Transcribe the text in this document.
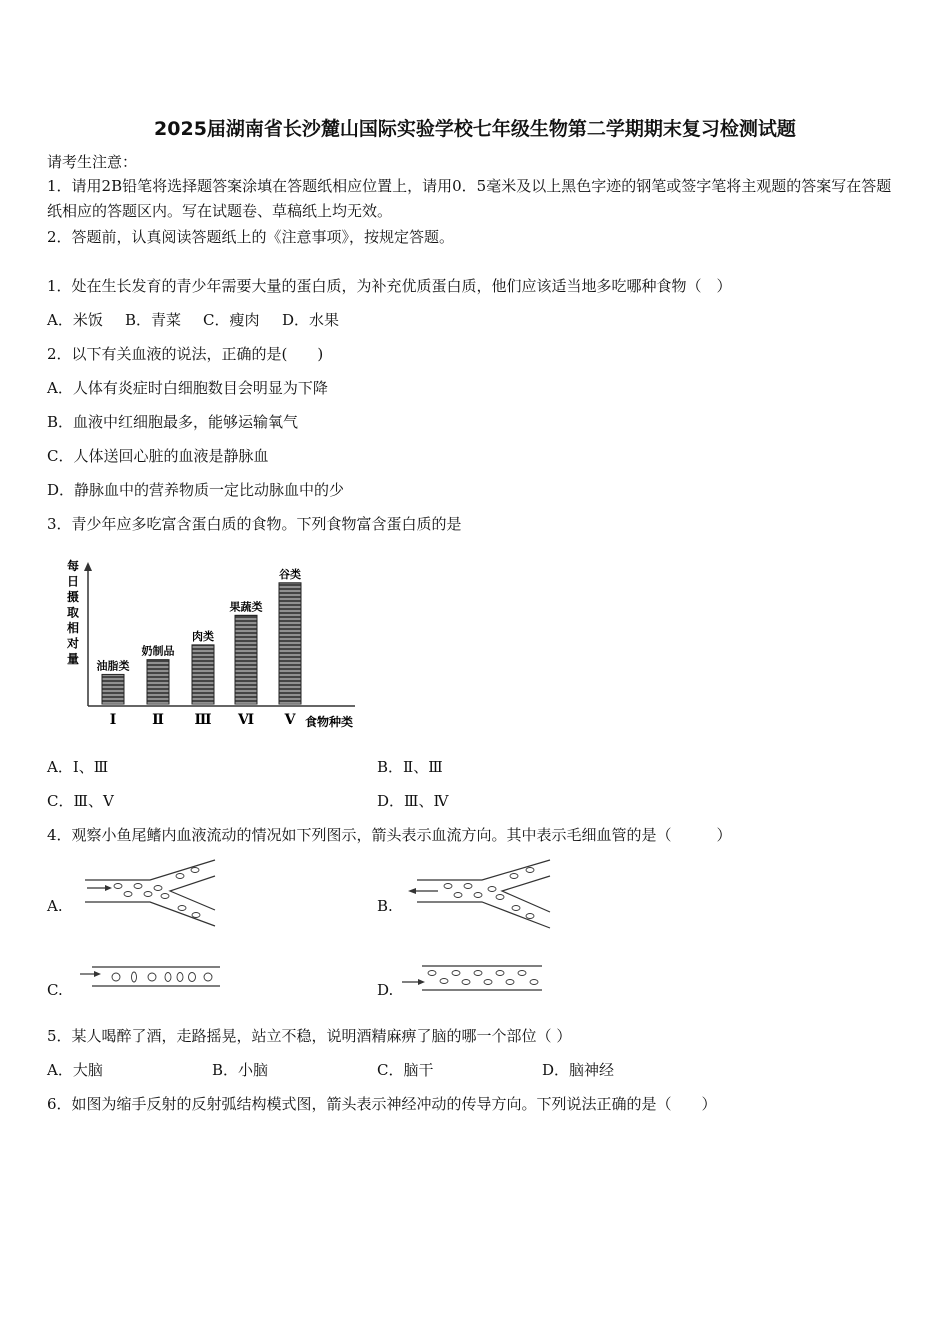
2025届湖南省长沙麓山国际实验学校七年级生物第二学期期末复习检测试题
请考生注意：
1．请用2B铅笔将选择题答案涂填在答题纸相应位置上，请用0．5毫米及以上黑色字迹的钢笔或签字笔将主观题的答案写在答题纸相应的答题区内。写在试题卷、草稿纸上均无效。
2．答题前，认真阅读答题纸上的《注意事项》，按规定答题。
1．处在生长发育的青少年需要大量的蛋白质，为补充优质蛋白质，他们应该适当地多吃哪种食物（　）
A．米饭 B．青菜 C．瘦肉 D．水果
2．以下有关血液的说法，正确的是(　　)
A．人体有炎症时白细胞数目会明显为下降
B．血液中红细胞最多，能够运输氧气
C．人体送回心脏的血液是静脉血
D．静脉血中的营养物质一定比动脉血中的少
3．青少年应多吃富含蛋白质的食物。下列食物富含蛋白质的是
每日摄取相对量
食物种类
油脂类
Ⅰ
奶制品
Ⅱ
肉类
Ⅲ
果蔬类
Ⅵ
谷类
Ⅴ
A．Ⅰ、Ⅲ	B．Ⅱ、Ⅲ
C．Ⅲ、Ⅴ	D．Ⅲ、Ⅳ
4．观察小鱼尾鳍内血液流动的情况如下列图示，箭头表示血流方向。其中表示毛细血管的是（　　　）
A.	B.
C.	D.
5．某人喝醉了酒，走路摇晃，站立不稳，说明酒精麻痹了脑的哪一个部位（ ）
A．大脑	B．小脑	C．脑干	D．脑神经
6．如图为缩手反射的反射弧结构模式图，箭头表示神经冲动的传导方向。下列说法正确的是（　　）
